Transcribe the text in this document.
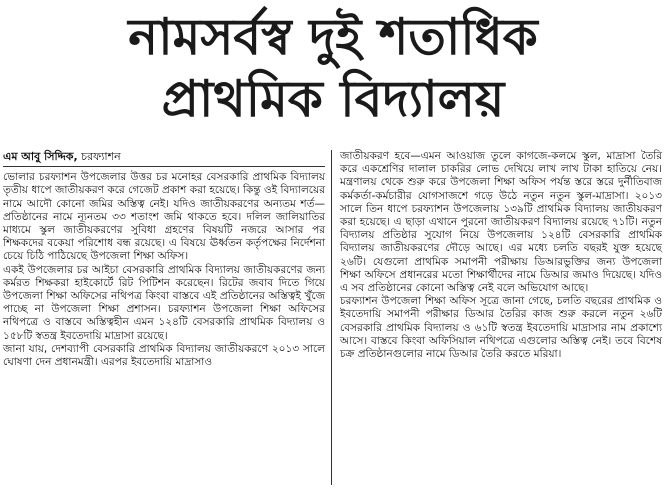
নামসর্বস্ব দুই শতাধিক
প্রাথমিক বিদ্যালয়
এম আবু সিদ্দিক, চরফ্যাশন

ভোলার চরফ্যাশন উপজেলার উত্তর চর মনোহর বেসরকারি প্রাথমিক বিদ্যালয় তৃতীয় ধাপে জাতীয়করণ করে গেজেট প্রকাশ করা হয়েছে। কিন্তু ওই বিদ্যালয়ের নামে আদৌ কোনো জমির অস্তিত্ব নেই। যদিও জাতীয়করণের অন্যতম শর্ত— প্রতিষ্ঠানের নামে ন্যূনতম ৩৩ শতাংশ জমি থাকতে হবে। দলিল জালিয়াতির মাধ্যমে স্কুল জাতীয়করণের সুবিধা গ্রহণের বিষয়টি নজরে আসার পর শিক্ষকদের বকেয়া পরিশোধ বন্ধ রয়েছে। এ বিষয়ে ঊর্ধ্বতন কর্তৃপক্ষের নির্দেশনা চেয়ে চিঠি পাঠিয়েছে উপজেলা শিক্ষা অফিস।

একই উপজেলার চর আইচা বেসরকারি প্রাথমিক বিদ্যালয় জাতীয়করণের জন্য কর্মরত শিক্ষকরা হাইকোর্টে রিট পিটিশন করেছেন। রিটের জবাব দিতে গিয়ে উপজেলা শিক্ষা অফিসের নথিপত্র কিংবা বাস্তবে এই প্রতিষ্ঠানের অস্তিত্বই খুঁজে পাচ্ছে না উপজেলা শিক্ষা প্রশাসন। চরফ্যাশন উপজেলা শিক্ষা অফিসের নথিপত্রে ও বাস্তবে অস্তিত্বহীন এমন ১২৪টি বেসরকারি প্রাথমিক বিদ্যালয় ও ১৫৮টি স্বতন্ত্র ইবতেদায়ি মাদ্রাসা রয়েছে।

জানা যায়, দেশব্যাপী বেসরকারি প্রাথমিক বিদ্যালয় জাতীয়করণে ২০১৩ সালে ঘোষণা দেন প্রধানমন্ত্রী। এরপর ইবতেদায়ি মাদ্রাসাও

জাতীয়করণ হবে—এমন আওয়াজ তুলে কাগজে-কলমে স্কুল, মাদ্রাসা তৈরি করে একশ্রেণির দালাল চাকরির লোভ দেখিয়ে লাখ লাখ টাকা হাতিয়ে নেয়। মন্ত্রণালয় থেকে শুরু করে উপজেলা শিক্ষা অফিস পর্যন্ত স্তরে স্তরে দুর্নীতিবাজ কর্মকর্তা-কর্মচারীর যোগসাজশে গড়ে উঠে নতুন নতুন স্কুল-মাদ্রাসা। ২০১৩ সালে তিন ধাপে চরফ্যাশন উপজেলায় ১৩৯টি প্রাথমিক বিদ্যালয় জাতীয়করণ করা হয়েছে। এ ছাড়া এখানে পুরনো জাতীয়করণ বিদ্যালয় রয়েছে ৭১টি। নতুন বিদ্যালয় প্রতিষ্ঠার সুযোগ নিয়ে উপজেলায় ১২৪টি বেসরকারি প্রাথমিক বিদ্যালয় জাতীয়করণের দৌড়ে আছে। এর মধ্যে চলতি বছরই যুক্ত হয়েছে ২৬টি। যেগুলো প্রাথমিক সমাপনী পরীক্ষায় ডিআরভুক্তির জন্য উপজেলা শিক্ষা অফিসে প্রধানরের মতো শিক্ষার্থীদের নামে ডিআর জমাও দিয়েছে। যদিও এ সব প্রতিষ্ঠানের কোনো অস্তিত্ব নেই বলে অভিযোগ আছে।

চরফ্যাশন উপজেলা শিক্ষা অফিস সূত্রে জানা গেছে, চলতি বছরের প্রাথমিক ও ইবতেদায়ি সমাপনী পরীক্ষার ডিআর তৈরির কাজ শুরু করলে নতুন ২৬টি বেসরকারি প্রাথমিক বিদ্যালয় ও ৬১টি স্বতন্ত্র ইবতেদায়ি মাদ্রাসার নাম প্রকাশ্যে আসে। বাস্তবে কিংবা অফিসিয়াল নথিপত্রে এগুলোর অস্তিত্ব নেই। তবে বিশেষ চক্র প্রতিষ্ঠানগুলোর নামে ডিআর তৈরি করতে মরিয়া।
